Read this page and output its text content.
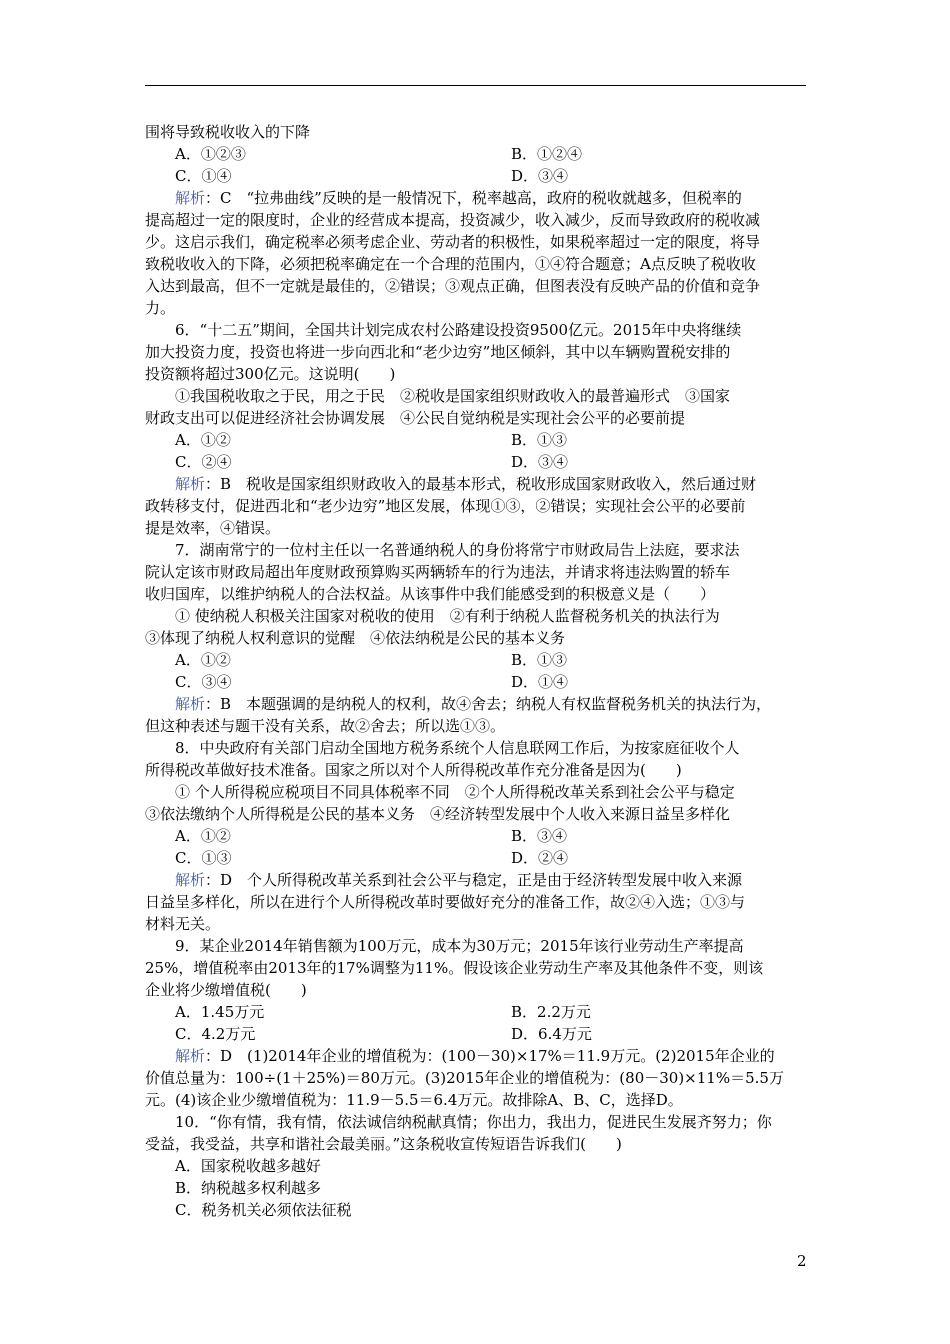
围将导致税收收入的下降
A．①②③	B．①②④
C．①④	D．③④
解析：C　“拉弗曲线”反映的是一般情况下，税率越高，政府的税收就越多，但税率的
提高超过一定的限度时，企业的经营成本提高，投资减少，收入减少，反而导致政府的税收减
少。这启示我们，确定税率必须考虑企业、劳动者的积极性，如果税率超过一定的限度，将导
致税收收入的下降，必须把税率确定在一个合理的范围内，①④符合题意；A点反映了税收收
入达到最高，但不一定就是最佳的，②错误；③观点正确，但图表没有反映产品的价值和竞争
力。
6．“十二五”期间，全国共计划完成农村公路建设投资9500亿元。2015年中央将继续
加大投资力度，投资也将进一步向西北和“老少边穷”地区倾斜，其中以车辆购置税安排的
投资额将超过300亿元。这说明(　　)
①我国税收取之于民，用之于民　②税收是国家组织财政收入的最普遍形式　③国家
财政支出可以促进经济社会协调发展　④公民自觉纳税是实现社会公平的必要前提
A．①②	B．①③
C．②④	D．③④
解析：B　税收是国家组织财政收入的最基本形式，税收形成国家财政收入，然后通过财
政转移支付，促进西北和“老少边穷”地区发展，体现①③，②错误；实现社会公平的必要前
提是效率，④错误。
7．湖南常宁的一位村主任以一名普通纳税人的身份将常宁市财政局告上法庭，要求法
院认定该市财政局超出年度财政预算购买两辆轿车的行为违法，并请求将违法购置的轿车
收归国库，以维护纳税人的合法权益。从该事件中我们能感受到的积极意义是（　　）
① 使纳税人积极关注国家对税收的使用　②有利于纳税人监督税务机关的执法行为
③体现了纳税人权利意识的觉醒　④依法纳税是公民的基本义务
A．①②	B．①③
C．③④	D．①④
解析：B　本题强调的是纳税人的权利，故④舍去；纳税人有权监督税务机关的执法行为，
但这种表述与题干没有关系，故②舍去；所以选①③。
8．中央政府有关部门启动全国地方税务系统个人信息联网工作后，为按家庭征收个人
所得税改革做好技术准备。国家之所以对个人所得税改革作充分准备是因为(　　)
① 个人所得税应税项目不同具体税率不同　②个人所得税改革关系到社会公平与稳定
③依法缴纳个人所得税是公民的基本义务　④经济转型发展中个人收入来源日益呈多样化
A．①②	B．③④
C．①③	D．②④
解析：D　个人所得税改革关系到社会公平与稳定，正是由于经济转型发展中收入来源
日益呈多样化，所以在进行个人所得税改革时要做好充分的准备工作，故②④入选；①③与
材料无关。
9．某企业2014年销售额为100万元，成本为30万元；2015年该行业劳动生产率提高
25%，增值税率由2013年的17%调整为11%。假设该企业劳动生产率及其他条件不变，则该
企业将少缴增值税(　　)
A．1.45万元	B．2.2万元
C．4.2万元	D．6.4万元
解析：D　(1)2014年企业的增值税为：(100－30)×17%＝11.9万元。(2)2015年企业的
价值总量为：100÷(1＋25%)＝80万元。(3)2015年企业的增值税为：(80－30)×11%＝5.5万
元。(4)该企业少缴增值税为：11.9－5.5＝6.4万元。故排除A、B、C，选择D。
10．“你有情，我有情，依法诚信纳税献真情；你出力，我出力，促进民生发展齐努力；你
受益，我受益，共享和谐社会最美丽。”这条税收宣传短语告诉我们(　　)
A．国家税收越多越好
B．纳税越多权利越多
C．税务机关必须依法征税
2
